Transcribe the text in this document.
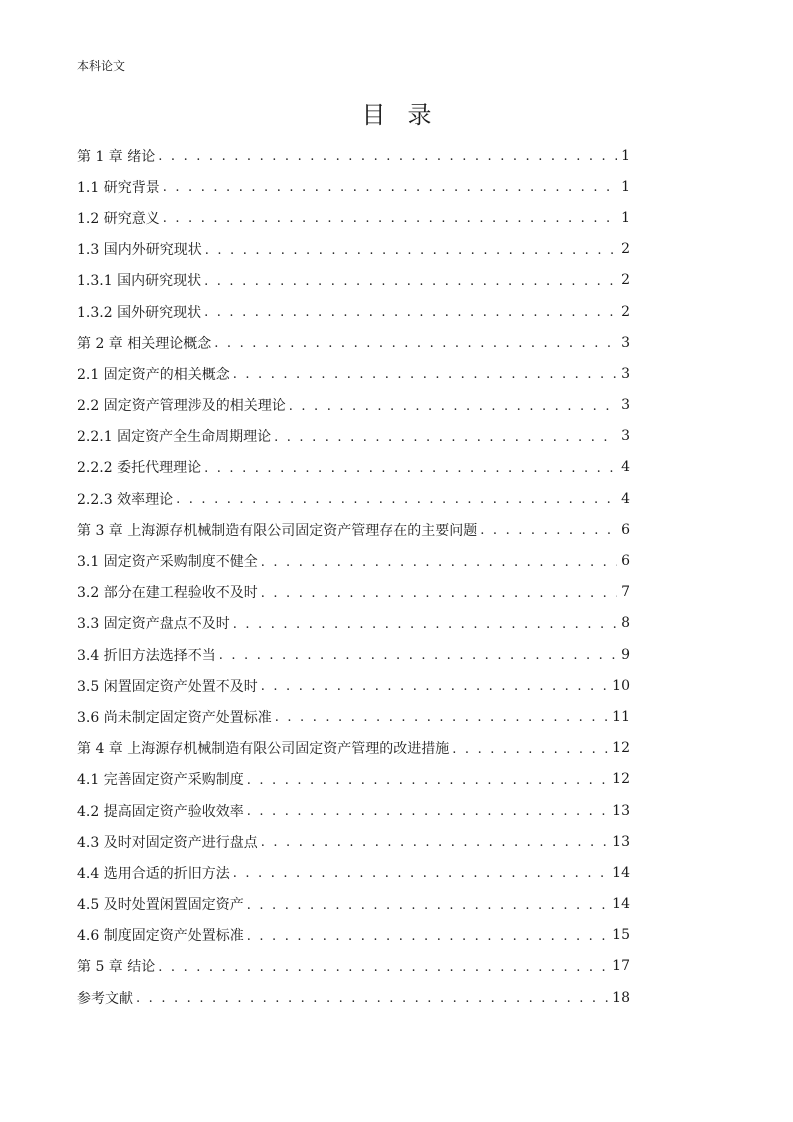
本科论文
目录
第 1 章 绪论 . . .	1
1.1 研究背景 . . .	1
1.2 研究意义 . . .	1
1.3 国内外研究现状 . . .	2
1.3.1 国内研究现状 . . .	2
1.3.2 国外研究现状 . . .	2
第 2 章 相关理论概念 . . .	3
2.1 固定资产的相关概念 . . .	3
2.2 固定资产管理涉及的相关理论 . . .	3
2.2.1 固定资产全生命周期理论 . . .	3
2.2.2 委托代理理论 . . .	4
2.2.3 效率理论 . . .	4
第 3 章 上海源存机械制造有限公司固定资产管理存在的主要问题 . . .	6
3.1 固定资产采购制度不健全 . . .	6
3.2 部分在建工程验收不及时 . . .	7
3.3 固定资产盘点不及时 . . .	8
3.4 折旧方法选择不当 . . .	9
3.5 闲置固定资产处置不及时 . . .	10
3.6 尚未制定固定资产处置标准 . . .	11
第 4 章 上海源存机械制造有限公司固定资产管理的改进措施 . . .	12
4.1 完善固定资产采购制度 . . .	12
4.2 提高固定资产验收效率 . . .	13
4.3 及时对固定资产进行盘点 . . .	13
4.4 选用合适的折旧方法 . . .	14
4.5 及时处置闲置固定资产 . . .	14
4.6 制度固定资产处置标准 . . .	15
第 5 章 结论 . . .	17
参考文献 . . .	18
